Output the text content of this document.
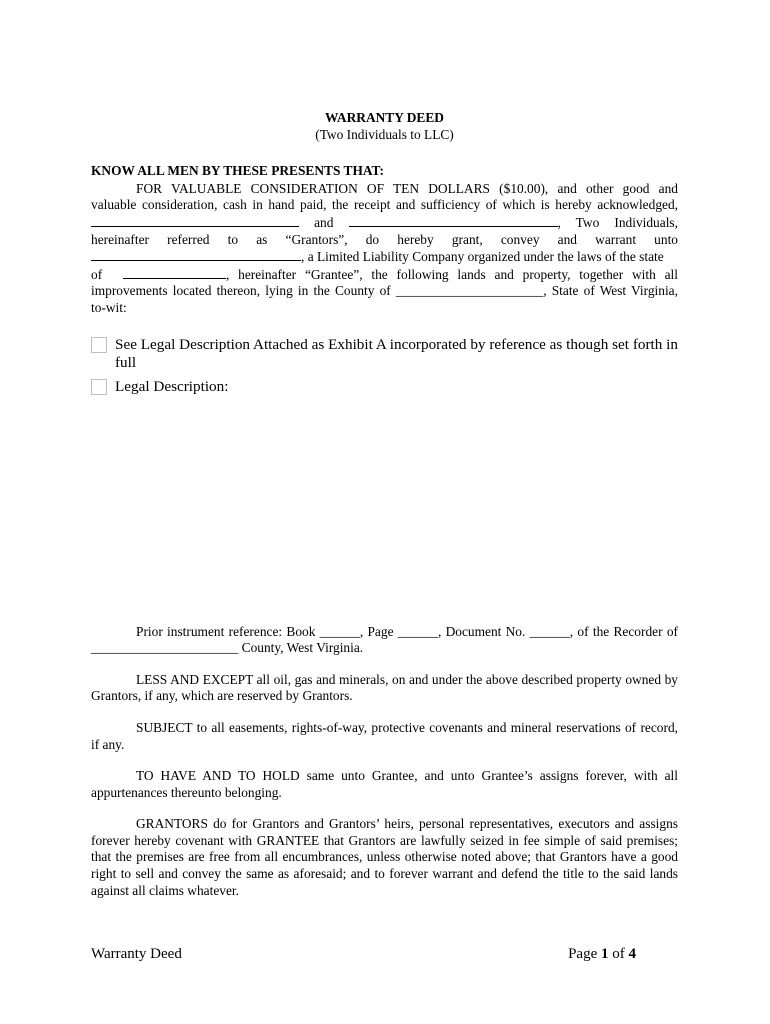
WARRANTY DEED

(Two Individuals to LLC)

KNOW ALL MEN BY THESE PRESENTS THAT:

FOR VALUABLE CONSIDERATION OF TEN DOLLARS ($10.00), and other good and

valuable consideration, cash in hand paid, the receipt and sufficiency of which is hereby acknowledged,

and	, Two Individuals,

hereinafter referred to as “Grantors”, do hereby grant, convey and warrant unto

, a Limited Liability Company organized under the laws of the state

of	, hereinafter “Grantee”, the following lands and property, together with all

improvements located thereon, lying in the County of ______________________, State of West Virginia,

to-wit:

See Legal Description Attached as Exhibit A incorporated by reference as though set forth in full
Legal Description:

Prior instrument reference: Book ______, Page ______, Document No. ______, of the Recorder of

______________________ County, West Virginia.

LESS AND EXCEPT all oil, gas and minerals, on and under the above described property owned by Grantors, if any, which are reserved by Grantors.

SUBJECT to all easements, rights-of-way, protective covenants and mineral reservations of record, if any.

TO HAVE AND TO HOLD same unto Grantee, and unto Grantee’s assigns forever, with all appurtenances thereunto belonging.

GRANTORS do for Grantors and Grantors’ heirs, personal representatives, executors and assigns forever hereby covenant with GRANTEE that Grantors are lawfully seized in fee simple of said premises; that the premises are free from all encumbrances, unless otherwise noted above; that Grantors have a good right to sell and convey the same as aforesaid; and to forever warrant and defend the title to the said lands against all claims whatever.

Warranty Deed	Page 1 of 4
